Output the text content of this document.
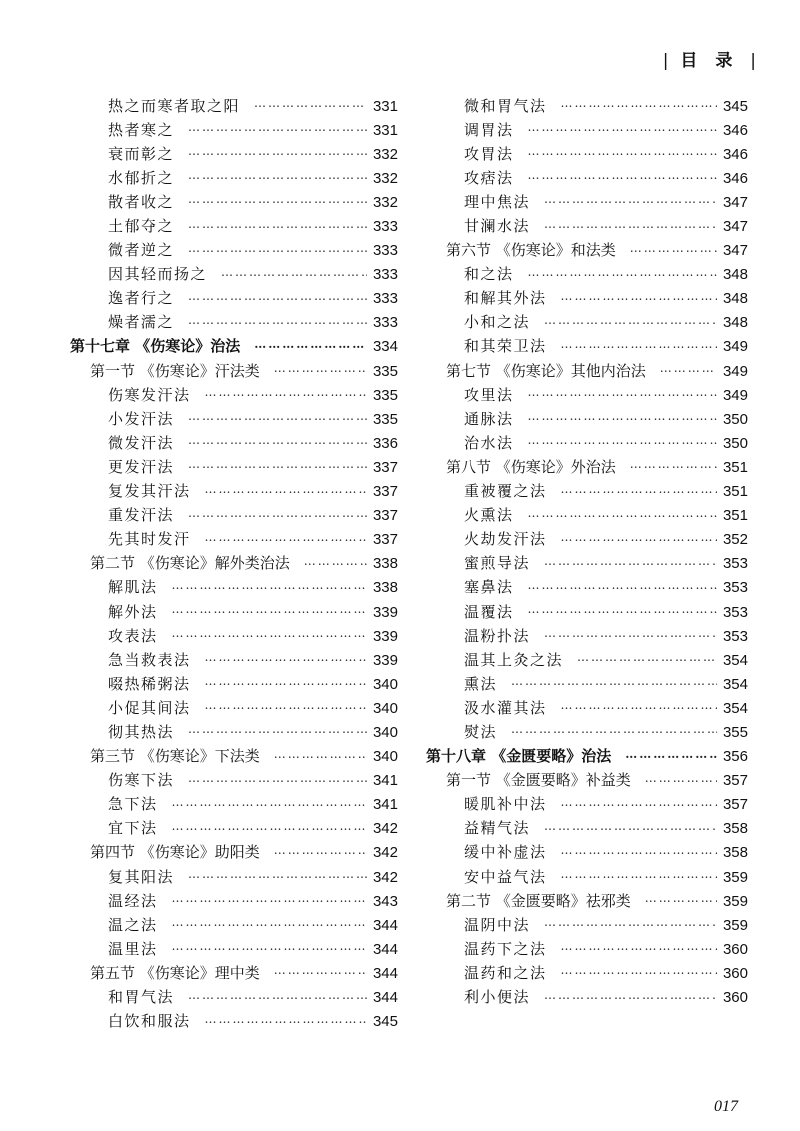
| 目 录 |
热之而寒者取之阳 ………………………………………………………………………………………………	331
热者寒之 ………………………………………………………………………………………………	331
衰而彰之 ………………………………………………………………………………………………	332
水郁折之 ………………………………………………………………………………………………	332
散者收之 ………………………………………………………………………………………………	332
土郁夺之 ………………………………………………………………………………………………	333
微者逆之 ………………………………………………………………………………………………	333
因其轻而扬之 ………………………………………………………………………………………………	333
逸者行之 ………………………………………………………………………………………………	333
燥者濡之 ………………………………………………………………………………………………	333
第十七章 《伤寒论》治法 ………………………………………………………………………………………………	334
第一节 《伤寒论》汗法类 ………………………………………………………………………………………………	335
伤寒发汗法 ………………………………………………………………………………………………	335
小发汗法 ………………………………………………………………………………………………	335
微发汗法 ………………………………………………………………………………………………	336
更发汗法 ………………………………………………………………………………………………	337
复发其汗法 ………………………………………………………………………………………………	337
重发汗法 ………………………………………………………………………………………………	337
先其时发汗 ………………………………………………………………………………………………	337
第二节 《伤寒论》解外类治法 ………………………………………………………………………………………………	338
解肌法 ………………………………………………………………………………………………	338
解外法 ………………………………………………………………………………………………	339
攻表法 ………………………………………………………………………………………………	339
急当救表法 ………………………………………………………………………………………………	339
啜热稀粥法 ………………………………………………………………………………………………	340
小促其间法 ………………………………………………………………………………………………	340
彻其热法 ………………………………………………………………………………………………	340
第三节 《伤寒论》下法类 ………………………………………………………………………………………………	340
伤寒下法 ………………………………………………………………………………………………	341
急下法 ………………………………………………………………………………………………	341
宜下法 ………………………………………………………………………………………………	342
第四节 《伤寒论》助阳类 ………………………………………………………………………………………………	342
复其阳法 ………………………………………………………………………………………………	342
温经法 ………………………………………………………………………………………………	343
温之法 ………………………………………………………………………………………………	344
温里法 ………………………………………………………………………………………………	344
第五节 《伤寒论》理中类 ………………………………………………………………………………………………	344
和胃气法 ………………………………………………………………………………………………	344
白饮和服法 ………………………………………………………………………………………………	345
微和胃气法 ………………………………………………………………………………………………	345
调胃法 ………………………………………………………………………………………………	346
攻胃法 ………………………………………………………………………………………………	346
攻痞法 ………………………………………………………………………………………………	346
理中焦法 ………………………………………………………………………………………………	347
甘澜水法 ………………………………………………………………………………………………	347
第六节 《伤寒论》和法类 ………………………………………………………………………………………………	347
和之法 ………………………………………………………………………………………………	348
和解其外法 ………………………………………………………………………………………………	348
小和之法 ………………………………………………………………………………………………	348
和其荣卫法 ………………………………………………………………………………………………	349
第七节 《伤寒论》其他内治法 ………………………………………………………………………………………………	349
攻里法 ………………………………………………………………………………………………	349
通脉法 ………………………………………………………………………………………………	350
治水法 ………………………………………………………………………………………………	350
第八节 《伤寒论》外治法 ………………………………………………………………………………………………	351
重被覆之法 ………………………………………………………………………………………………	351
火熏法 ………………………………………………………………………………………………	351
火劫发汗法 ………………………………………………………………………………………………	352
蜜煎导法 ………………………………………………………………………………………………	353
塞鼻法 ………………………………………………………………………………………………	353
温覆法 ………………………………………………………………………………………………	353
温粉扑法 ………………………………………………………………………………………………	353
温其上灸之法 ………………………………………………………………………………………………	354
熏法 ………………………………………………………………………………………………	354
汲水灌其法 ………………………………………………………………………………………………	354
熨法 ………………………………………………………………………………………………	355
第十八章 《金匮要略》治法 ………………………………………………………………………………………………	356
第一节 《金匮要略》补益类 ………………………………………………………………………………………………	357
暖肌补中法 ………………………………………………………………………………………………	357
益精气法 ………………………………………………………………………………………………	358
缓中补虚法 ………………………………………………………………………………………………	358
安中益气法 ………………………………………………………………………………………………	359
第二节 《金匮要略》祛邪类 ………………………………………………………………………………………………	359
温阴中法 ………………………………………………………………………………………………	359
温药下之法 ………………………………………………………………………………………………	360
温药和之法 ………………………………………………………………………………………………	360
利小便法 ………………………………………………………………………………………………	360
017
